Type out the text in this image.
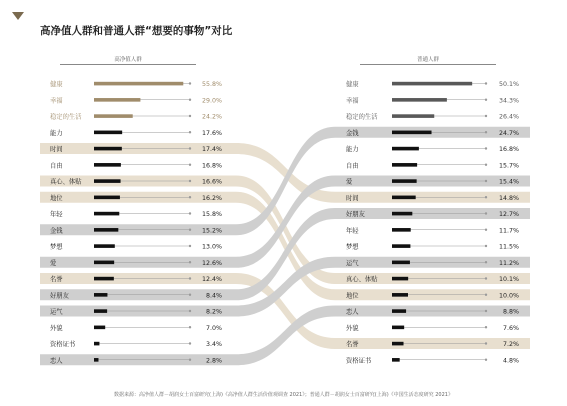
高净值人群和普通人群“想要的事物”对比
高净值人群	普通人群
健康	55.8%
幸福	29.0%
稳定的生活	24.2%
能力	17.6%
时间	17.4%
自由	16.8%
真心、体贴	16.6%
地位	16.2%
年轻	15.8%
金钱	15.2%
梦想	13.0%
爱	12.6%
名誉	12.4%
好朋友	8.4%
运气	8.2%
外貌	7.0%
资格证书	3.4%
恋人	2.8%
健康	50.1%
幸福	34.3%
稳定的生活	26.4%
金钱	24.7%
能力	16.8%
自由	15.7%
爱	15.4%
时间	14.8%
好朋友	12.7%
年轻	11.7%
梦想	11.5%
运气	11.2%
真心、体贴	10.1%
地位	10.0%
恋人	8.8%
外貌	7.6%
名誉	7.2%
资格证书	4.8%
数据来源：高净值人群－胡润女士百富研究(上海)《高净值人群生活价值观调查 2021》；普通人群－胡润女士百富研究(上海)《中国生活态度研究 2021》
